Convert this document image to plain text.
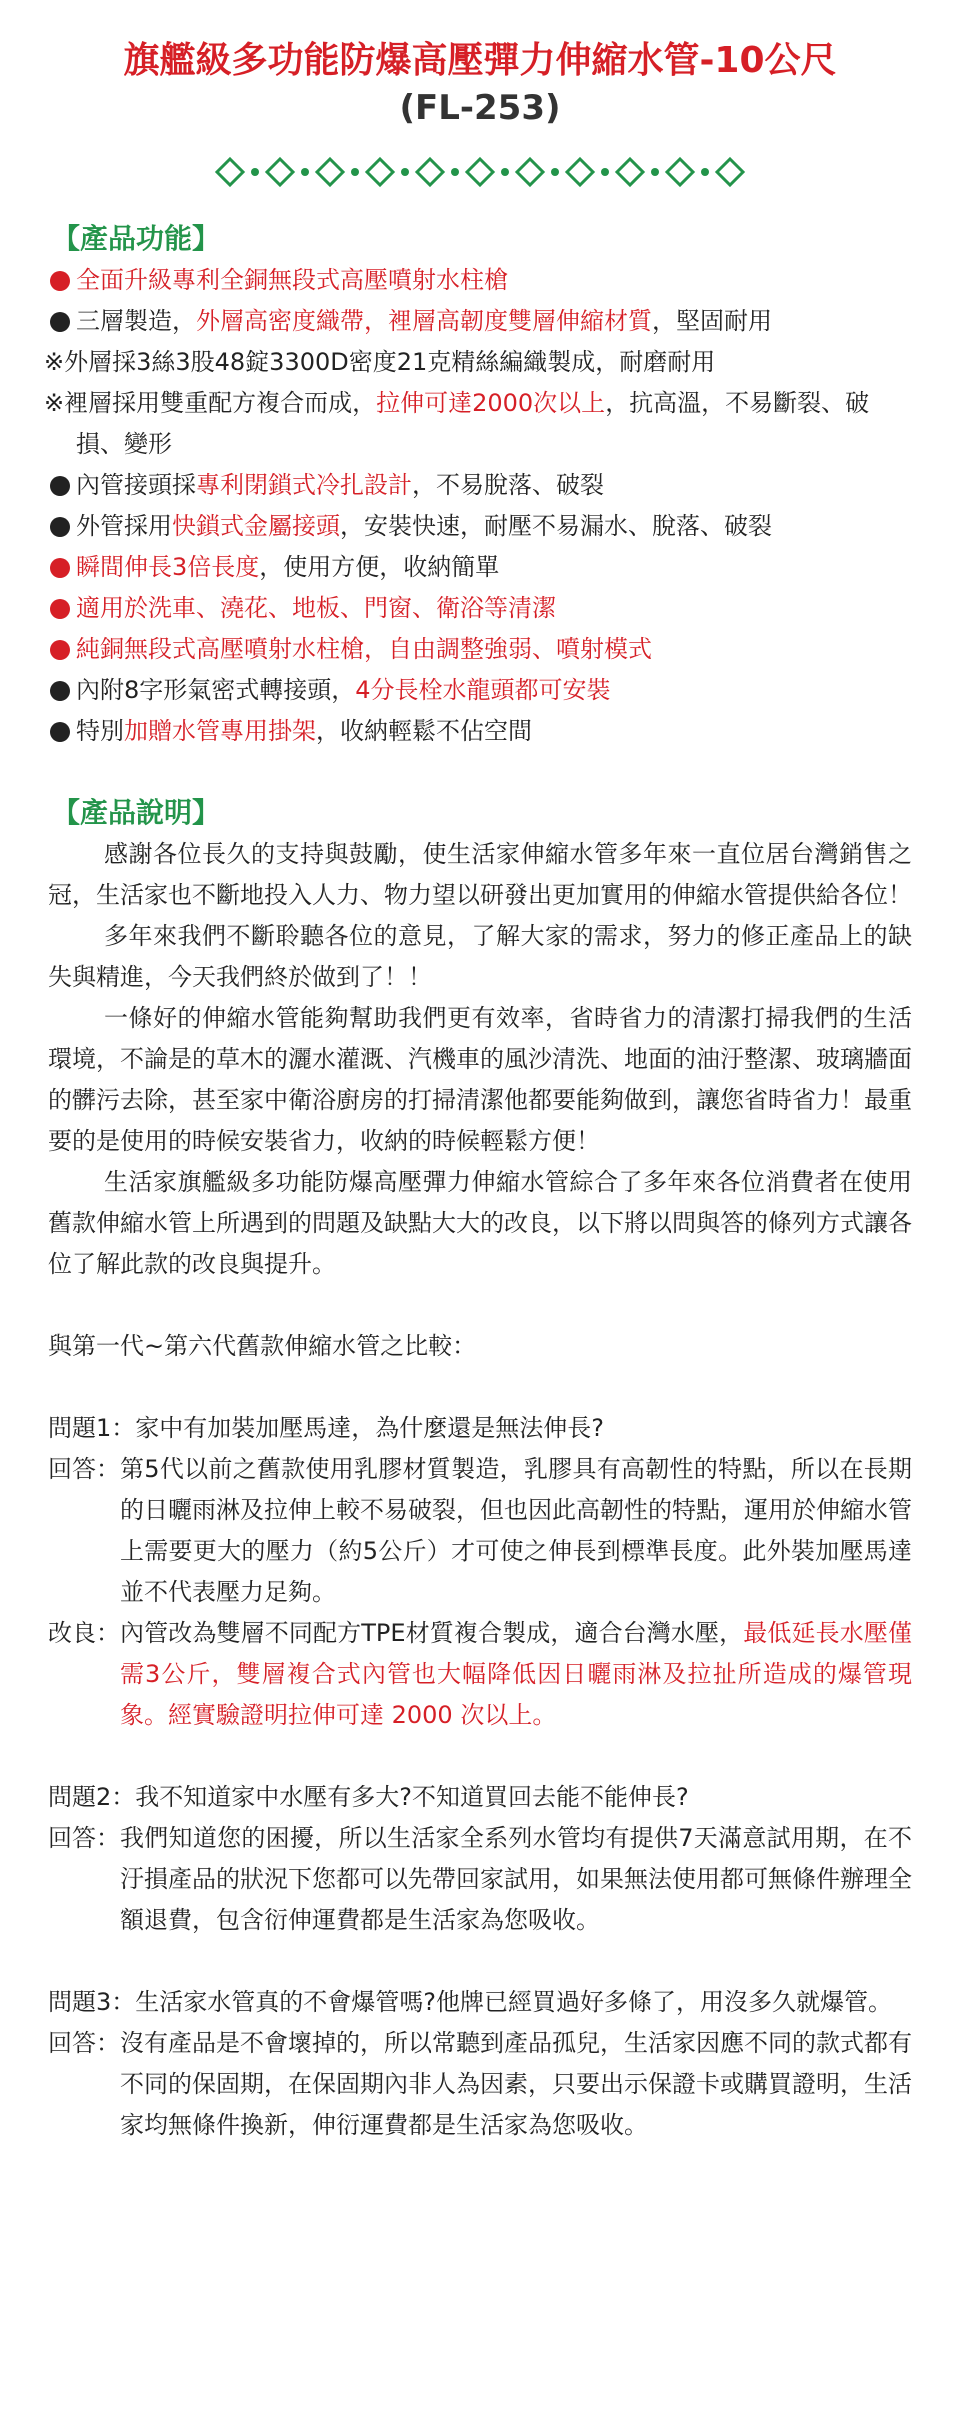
旗艦級多功能防爆高壓彈力伸縮水管-10公尺
(FL-253)
【產品功能】
全面升級專利全銅無段式高壓噴射水柱槍
三層製造，外層高密度織帶，裡層高韌度雙層伸縮材質，堅固耐用
※外層採3絲3股48錠3300D密度21克精絲編織製成，耐磨耐用
※裡層採用雙重配方複合而成，拉伸可達2000次以上，抗高溫，不易斷裂、破損、變形
內管接頭採專利閉鎖式冷扎設計，不易脫落、破裂
外管採用快鎖式金屬接頭，安裝快速，耐壓不易漏水、脫落、破裂
瞬間伸長3倍長度，使用方便，收納簡單
適用於洗車、澆花、地板、門窗、衛浴等清潔
純銅無段式高壓噴射水柱槍，自由調整強弱、噴射模式
內附8字形氣密式轉接頭，4分長栓水龍頭都可安裝
特別加贈水管專用掛架，收納輕鬆不佔空間
【產品說明】

感謝各位長久的支持與鼓勵，使生活家伸縮水管多年來一直位居台灣銷售之冠，生活家也不斷地投入人力、物力望以研發出更加實用的伸縮水管提供給各位！

多年來我們不斷聆聽各位的意見，了解大家的需求，努力的修正產品上的缺失與精進，今天我們終於做到了！！

一條好的伸縮水管能夠幫助我們更有效率，省時省力的清潔打掃我們的生活環境，不論是的草木的灑水灌溉、汽機車的風沙清洗、地面的油汙整潔、玻璃牆面的髒污去除，甚至家中衛浴廚房的打掃清潔他都要能夠做到，讓您省時省力！最重要的是使用的時候安裝省力，收納的時候輕鬆方便！

生活家旗艦級多功能防爆高壓彈力伸縮水管綜合了多年來各位消費者在使用舊款伸縮水管上所遇到的問題及缺點大大的改良，以下將以問與答的條列方式讓各位了解此款的改良與提升。

與第一代~第六代舊款伸縮水管之比較：

問題1： 家中有加裝加壓馬達，為什麼還是無法伸長?
回答： 第5代以前之舊款使用乳膠材質製造，乳膠具有高韌性的特點，所以在長期的日曬雨淋及拉伸上較不易破裂，但也因此高韌性的特點，運用於伸縮水管上需要更大的壓力（約5公斤）才可使之伸長到標準長度。此外裝加壓馬達並不代表壓力足夠。
改良： 內管改為雙層不同配方TPE材質複合製成，適合台灣水壓，最低延長水壓僅需3公斤，雙層複合式內管也大幅降低因日曬雨淋及拉扯所造成的爆管現象。經實驗證明拉伸可達 2000 次以上。
問題2： 我不知道家中水壓有多大?不知道買回去能不能伸長?
回答： 我們知道您的困擾，所以生活家全系列水管均有提供7天滿意試用期，在不汙損產品的狀況下您都可以先帶回家試用，如果無法使用都可無條件辦理全額退費，包含衍伸運費都是生活家為您吸收。
問題3： 生活家水管真的不會爆管嗎?他牌已經買過好多條了，用沒多久就爆管。
回答： 沒有產品是不會壞掉的，所以常聽到產品孤兒，生活家因應不同的款式都有不同的保固期，在保固期內非人為因素，只要出示保證卡或購買證明，生活家均無條件換新，伸衍運費都是生活家為您吸收。
